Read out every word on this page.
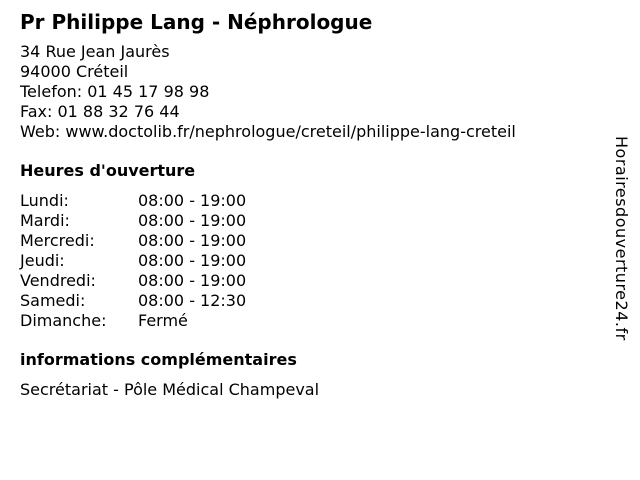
Pr Philippe Lang - Néphrologue
34 Rue Jean Jaurès
94000 Créteil
Telefon: 01 45 17 98 98
Fax: 01 88 32 76 44
Web: www.doctolib.fr/nephrologue/creteil/philippe-lang-creteil
Heures d'ouverture
Lundi:	08:00 - 19:00
Mardi:	08:00 - 19:00
Mercredi:	08:00 - 19:00
Jeudi:	08:00 - 19:00
Vendredi:	08:00 - 19:00
Samedi:	08:00 - 12:30
Dimanche:	Fermé
informations complémentaires
Secrétariat - Pôle Médical Champeval
Horairesdouverture24.fr
